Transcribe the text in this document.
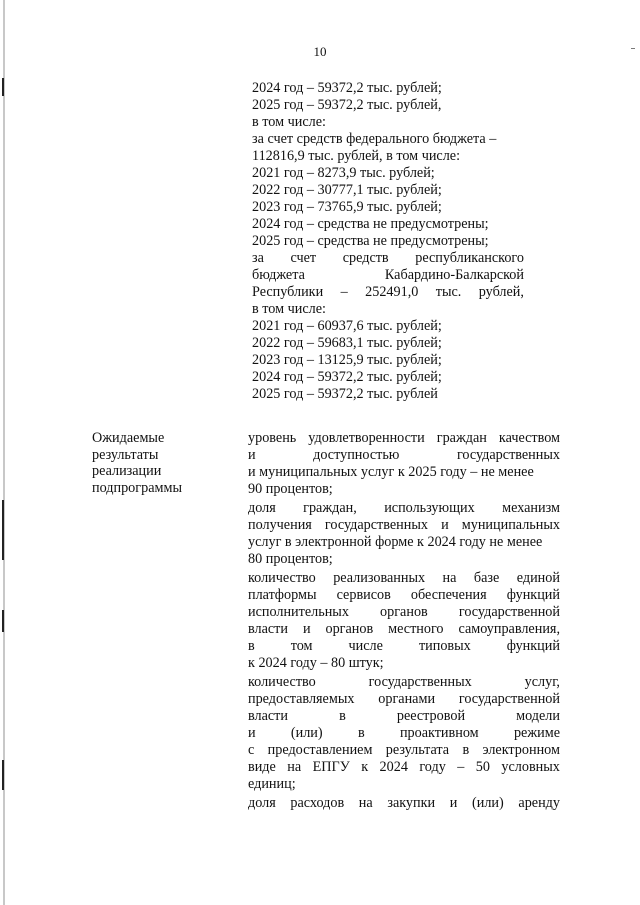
10
2024 год – 59372,2 тыс. рублей;
2025 год – 59372,2 тыс. рублей,
в том числе:
за счет средств федерального бюджета –
112816,9 тыс. рублей, в том числе:
2021 год – 8273,9 тыс. рублей;
2022 год – 30777,1 тыс. рублей;
2023 год – 73765,9 тыс. рублей;
2024 год – средства не предусмотрены;
2025 год – средства не предусмотрены;
за счет средств республиканского
бюджета	Кабардино-Балкарской
Республики – 252491,0 тыс. рублей,
в том числе:
2021 год – 60937,6 тыс. рублей;
2022 год – 59683,1 тыс. рублей;
2023 год – 13125,9 тыс. рублей;
2024 год – 59372,2 тыс. рублей;
2025 год – 59372,2 тыс. рублей
Ожидаемые
результаты
реализации
подпрограммы
уровень удовлетворенности граждан качеством
и	доступностью	государственных
и муниципальных услуг к 2025 году – не менее
90 процентов;
доля граждан, использующих механизм
получения государственных и муниципальных
услуг в электронной форме к 2024 году не менее
80 процентов;
количество реализованных на базе единой
платформы сервисов обеспечения функций
исполнительных органов государственной
власти и органов местного самоуправления,
в	том	числе	типовых	функций
к 2024 году – 80 штук;
количество	государственных	услуг,
предоставляемых органами государственной
власти	в	реестровой	модели
и (или) в проактивном режиме
с предоставлением результата в электронном
виде на ЕПГУ к 2024 году – 50 условных
единиц;
доля расходов на закупки и (или) аренду
